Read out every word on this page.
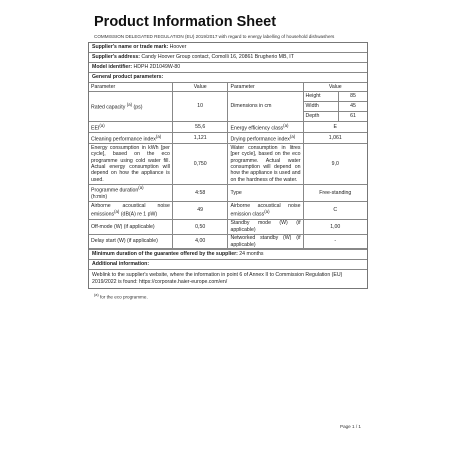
Product Information Sheet
COMMISSION DELEGATED REGULATION (EU) 2019/2017 with regard to energy labelling of household dishwashers
Supplier's name or trade mark: Hoover
Supplier's address: Candy Hoover Group contact, Comolli 16, 20861 Brugherio MB, IT
Model identifier: HDPH 2D1049W-80
General product parameters:
Parameter	Value	Parameter	Value
Rated capacity $^{(a)}$ (ps)	10	Dimensions in cm	
Height	85
Width	45
Depth	61

EEI$^{(a)}$	55,6	Energy efficiency class$^{(a)}$	E
Cleaning performance index$^{(a)}$	1,121	Drying performance index$^{(a)}$	1,061
Energy consumption in kWh [per cycle], based on the eco programme using cold water fill. Actual energy consumption will depend on how the appliance is used.	0,750	Water consumption in litres [per cycle], based on the eco programme. Actual water consumption will depend on how the appliance is used and on the hardness of the water.	9,0
Programme duration$^{(a)}$
(h:min)	4:58	Type	Free-standing
Airborne acoustical noise emissions$^{(a)}$ (dB(A) re 1 pW)	49	Airborne acoustical noise emission class$^{(a)}$	C
Off-mode (W) (if applicable)	0,50	Standby mode (W) (if applicable)	1,00
Delay start (W) (if applicable)	4,00	Networked standby (W) (if applicable)	-
Minimum duration of the guarantee offered by the supplier: 24 months
Additional information:
Weblink to the supplier's website, where the information in point 6 of Annex II to Commission Regulation (EU) 2019/2022 is found: https://corporate.haier-europe.com/en/
$^{(a)}$ for the eco programme.
Page 1 / 1
